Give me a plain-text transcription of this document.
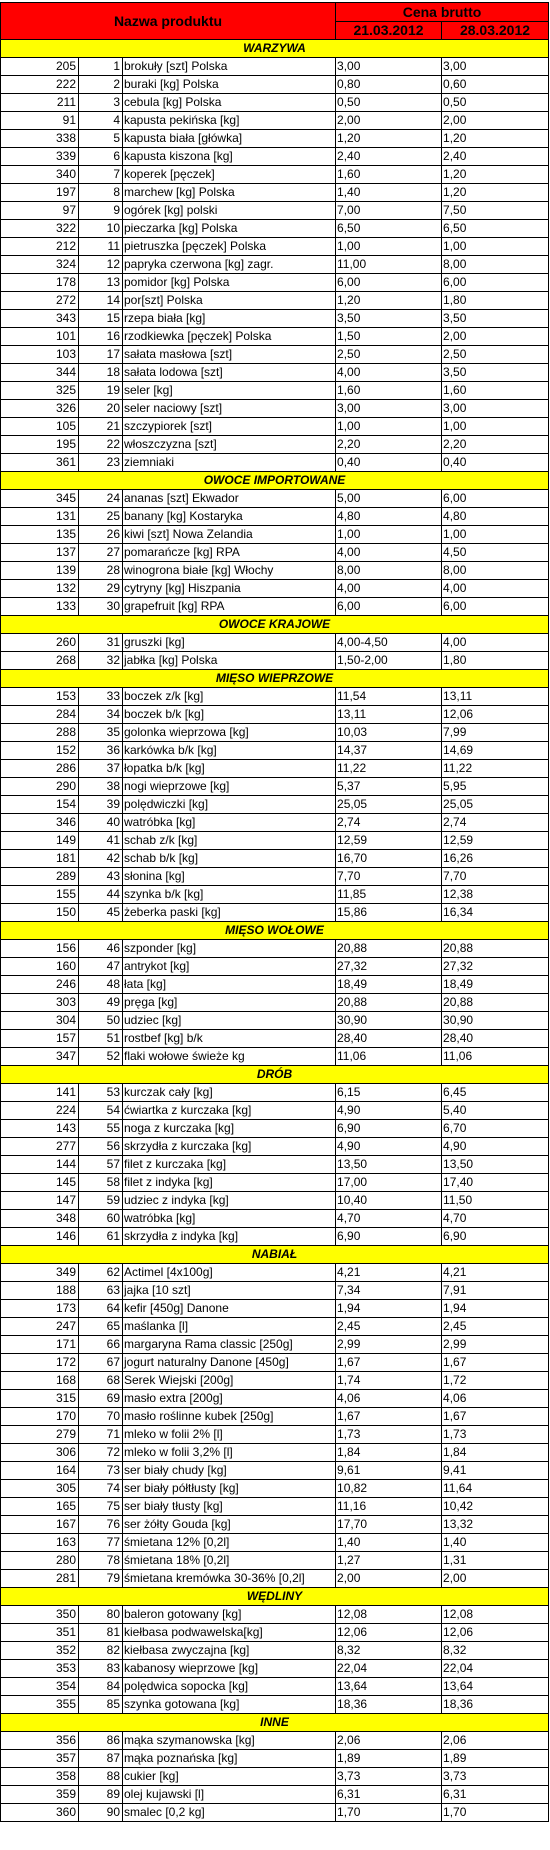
Nazwa produktu			Cena brutto	
			21.03.2012	28.03.2012
WARZYWA				
205	1	brokuły [szt] Polska	3,00	3,00
222	2	buraki [kg] Polska	0,80	0,60
211	3	cebula [kg] Polska	0,50	0,50
91	4	kapusta pekińska [kg]	2,00	2,00
338	5	kapusta biała [główka]	1,20	1,20
339	6	kapusta kiszona [kg]	2,40	2,40
340	7	koperek [pęczek]	1,60	1,20
197	8	marchew [kg] Polska	1,40	1,20
97	9	ogórek [kg] polski	7,00	7,50
322	10	pieczarka [kg] Polska	6,50	6,50
212	11	pietruszka [pęczek] Polska	1,00	1,00
324	12	papryka czerwona [kg] zagr.	11,00	8,00
178	13	pomidor [kg] Polska	6,00	6,00
272	14	por[szt] Polska	1,20	1,80
343	15	rzepa biała [kg]	3,50	3,50
101	16	rzodkiewka [pęczek] Polska	1,50	2,00
103	17	sałata masłowa [szt]	2,50	2,50
344	18	sałata lodowa [szt]	4,00	3,50
325	19	seler [kg]	1,60	1,60
326	20	seler naciowy [szt]	3,00	3,00
105	21	szczypiorek [szt]	1,00	1,00
195	22	włoszczyzna [szt]	2,20	2,20
361	23	ziemniaki	0,40	0,40
OWOCE IMPORTOWANE				
345	24	ananas [szt] Ekwador	5,00	6,00
131	25	banany [kg] Kostaryka	4,80	4,80
135	26	kiwi [szt] Nowa Zelandia	1,00	1,00
137	27	pomarańcze [kg] RPA	4,00	4,50
139	28	winogrona białe [kg] Włochy	8,00	8,00
132	29	cytryny [kg] Hiszpania	4,00	4,00
133	30	grapefruit [kg] RPA	6,00	6,00
OWOCE KRAJOWE				
260	31	gruszki [kg]	4,00-4,50	4,00
268	32	jabłka [kg] Polska	1,50-2,00	1,80
MIĘSO WIEPRZOWE				
153	33	boczek z/k [kg]	11,54	13,11
284	34	boczek b/k [kg]	13,11	12,06
288	35	golonka wieprzowa [kg]	10,03	7,99
152	36	karkówka b/k [kg]	14,37	14,69
286	37	łopatka b/k [kg]	11,22	11,22
290	38	nogi wieprzowe [kg]	5,37	5,95
154	39	polędwiczki [kg]	25,05	25,05
346	40	watróbka [kg]	2,74	2,74
149	41	schab z/k [kg]	12,59	12,59
181	42	schab b/k [kg]	16,70	16,26
289	43	słonina [kg]	7,70	7,70
155	44	szynka b/k [kg]	11,85	12,38
150	45	żeberka paski [kg]	15,86	16,34
MIĘSO WOŁOWE				
156	46	szponder [kg]	20,88	20,88
160	47	antrykot [kg]	27,32	27,32
246	48	łata [kg]	18,49	18,49
303	49	pręga [kg]	20,88	20,88
304	50	udziec [kg]	30,90	30,90
157	51	rostbef [kg] b/k	28,40	28,40
347	52	flaki wołowe świeże kg	11,06	11,06
DRÓB				
141	53	kurczak cały [kg]	6,15	6,45
224	54	ćwiartka z kurczaka [kg]	4,90	5,40
143	55	noga z kurczaka [kg]	6,90	6,70
277	56	skrzydła z kurczaka [kg]	4,90	4,90
144	57	filet z kurczaka [kg]	13,50	13,50
145	58	filet z indyka [kg]	17,00	17,40
147	59	udziec z indyka [kg]	10,40	11,50
348	60	watróbka [kg]	4,70	4,70
146	61	skrzydła z indyka [kg]	6,90	6,90
NABIAŁ				
349	62	Actimel [4x100g]	4,21	4,21
188	63	jajka [10 szt]	7,34	7,91
173	64	kefir [450g] Danone	1,94	1,94
247	65	maślanka [l]	2,45	2,45
171	66	margaryna Rama classic [250g]	2,99	2,99
172	67	jogurt naturalny Danone [450g]	1,67	1,67
168	68	Serek Wiejski [200g]	1,74	1,72
315	69	masło extra [200g]	4,06	4,06
170	70	masło roślinne kubek [250g]	1,67	1,67
279	71	mleko w folii 2% [l]	1,73	1,73
306	72	mleko w folii 3,2% [l]	1,84	1,84
164	73	ser biały chudy [kg]	9,61	9,41
305	74	ser biały półtłusty [kg]	10,82	11,64
165	75	ser biały tłusty [kg]	11,16	10,42
167	76	ser żółty Gouda [kg]	17,70	13,32
163	77	śmietana 12% [0,2l]	1,40	1,40
280	78	śmietana 18% [0,2l]	1,27	1,31
281	79	śmietana kremówka 30-36% [0,2l]	2,00	2,00
WĘDLINY				
350	80	baleron gotowany [kg]	12,08	12,08
351	81	kiełbasa podwawelska[kg]	12,06	12,06
352	82	kiełbasa zwyczajna [kg]	8,32	8,32
353	83	kabanosy wieprzowe [kg]	22,04	22,04
354	84	polędwica sopocka [kg]	13,64	13,64
355	85	szynka gotowana [kg]	18,36	18,36
INNE				
356	86	mąka szymanowska [kg]	2,06	2,06
357	87	mąka poznańska [kg]	1,89	1,89
358	88	cukier [kg]	3,73	3,73
359	89	olej kujawski [l]	6,31	6,31
360	90	smalec [0,2 kg]	1,70	1,70
